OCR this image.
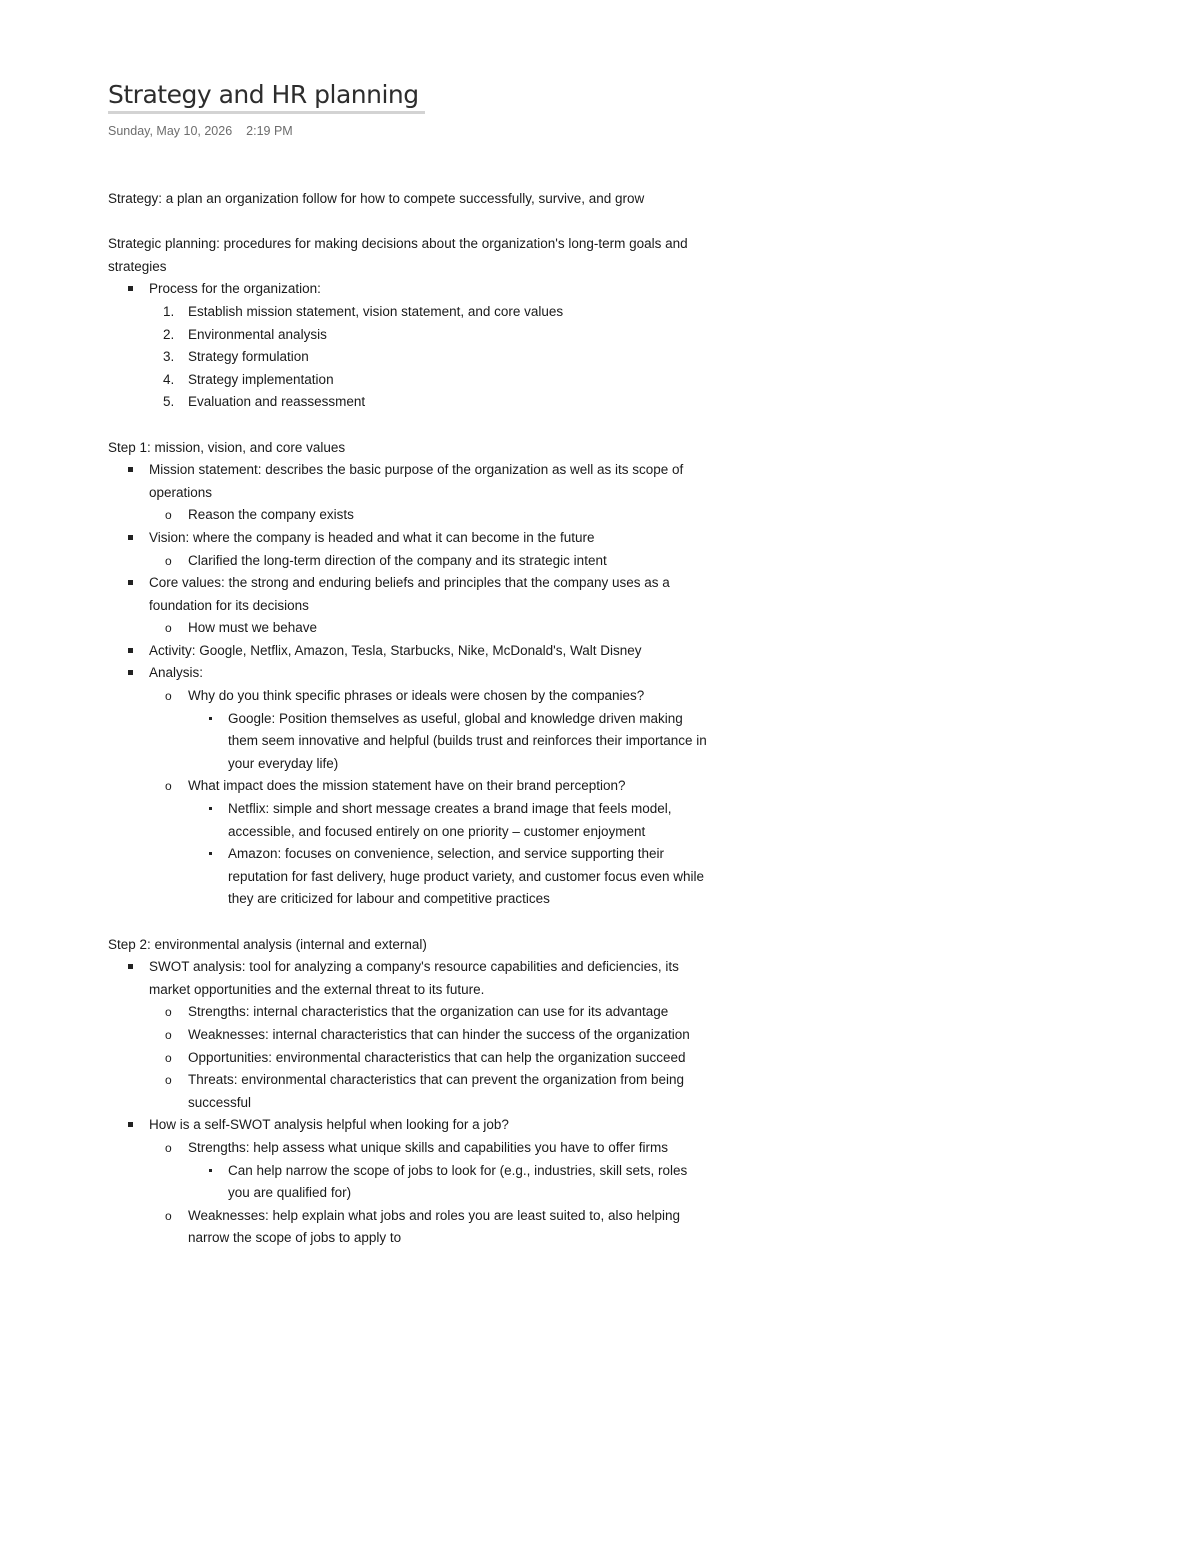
Strategy and HR planning
Sunday, May 10, 2026 2:19 PM

Strategy: a plan an organization follow for how to compete successfully, survive, and grow

Strategic planning: procedures for making decisions about the organization's long-term goals and strategies

Process for the organization:
1. Establish mission statement, vision statement, and core values
2. Environmental analysis
3. Strategy formulation
4. Strategy implementation
5. Evaluation and reassessment

Step 1: mission, vision, and core values

Mission statement: describes the basic purpose of the organization as well as its scope of operations
o Reason the company exists
Vision: where the company is headed and what it can become in the future
o Clarified the long-term direction of the company and its strategic intent
Core values: the strong and enduring beliefs and principles that the company uses as a foundation for its decisions
o How must we behave
Activity: Google, Netflix, Amazon, Tesla, Starbucks, Nike, McDonald's, Walt Disney
Analysis:
o Why do you think specific phrases or ideals were chosen by the companies?
Google: Position themselves as useful, global and knowledge driven making them seem innovative and helpful (builds trust and reinforces their importance in your everyday life)
o What impact does the mission statement have on their brand perception?
Netflix: simple and short message creates a brand image that feels model, accessible, and focused entirely on one priority – customer enjoyment
Amazon: focuses on convenience, selection, and service supporting their reputation for fast delivery, huge product variety, and customer focus even while they are criticized for labour and competitive practices

Step 2: environmental analysis (internal and external)

SWOT analysis: tool for analyzing a company's resource capabilities and deficiencies, its market opportunities and the external threat to its future.
o Strengths: internal characteristics that the organization can use for its advantage
o Weaknesses: internal characteristics that can hinder the success of the organization
o Opportunities: environmental characteristics that can help the organization succeed
o Threats: environmental characteristics that can prevent the organization from being successful
How is a self-SWOT analysis helpful when looking for a job?
o Strengths: help assess what unique skills and capabilities you have to offer firms
Can help narrow the scope of jobs to look for (e.g., industries, skill sets, roles you are qualified for)
o Weaknesses: help explain what jobs and roles you are least suited to, also helping narrow the scope of jobs to apply to
